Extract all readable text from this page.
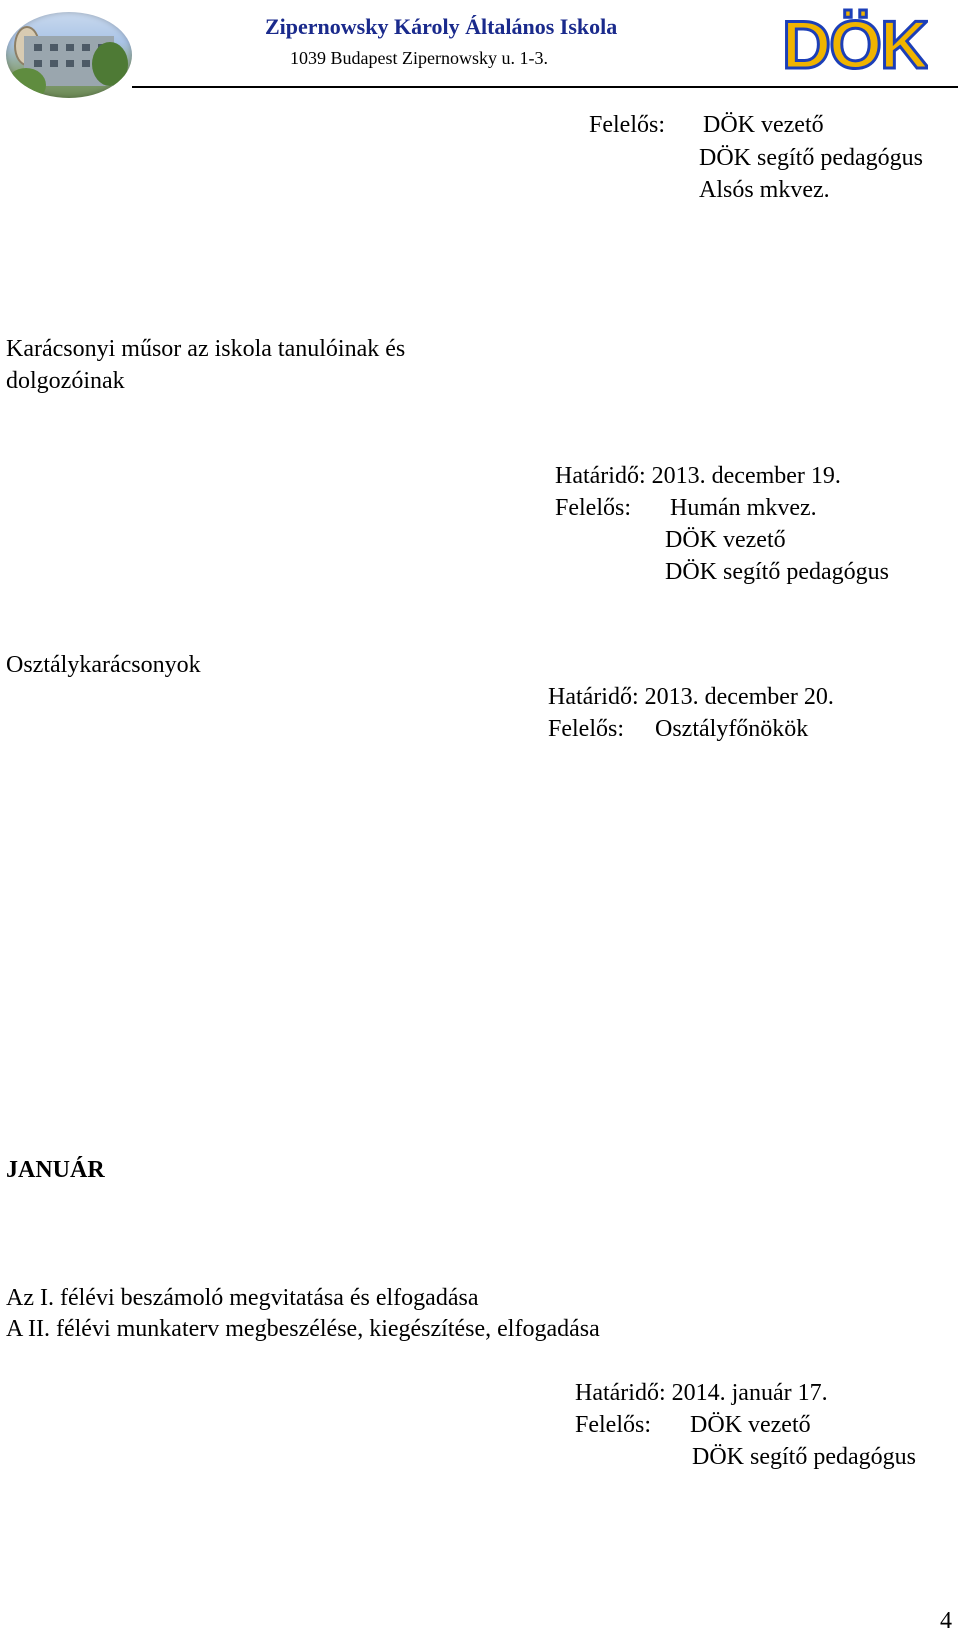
Zipernowsky Károly Általános Iskola
1039 Budapest Zipernowsky u. 1-3.	DÖK
Felelős: DÖK vezető
DÖK segítő pedagógus
Alsós mkvez.
Karácsonyi műsor az iskola tanulóinak és
dolgozóinak
Határidő: 2013. december 19.
Felelős: Humán mkvez.
DÖK vezető
DÖK segítő pedagógus
Osztálykarácsonyok
Határidő: 2013. december 20.
Felelős: Osztályfőnökök
JANUÁR
Az I. félévi beszámoló megvitatása és elfogadása
A II. félévi munkaterv megbeszélése, kiegészítése, elfogadása
Határidő: 2014. január 17.
Felelős: DÖK vezető
DÖK segítő pedagógus
4
